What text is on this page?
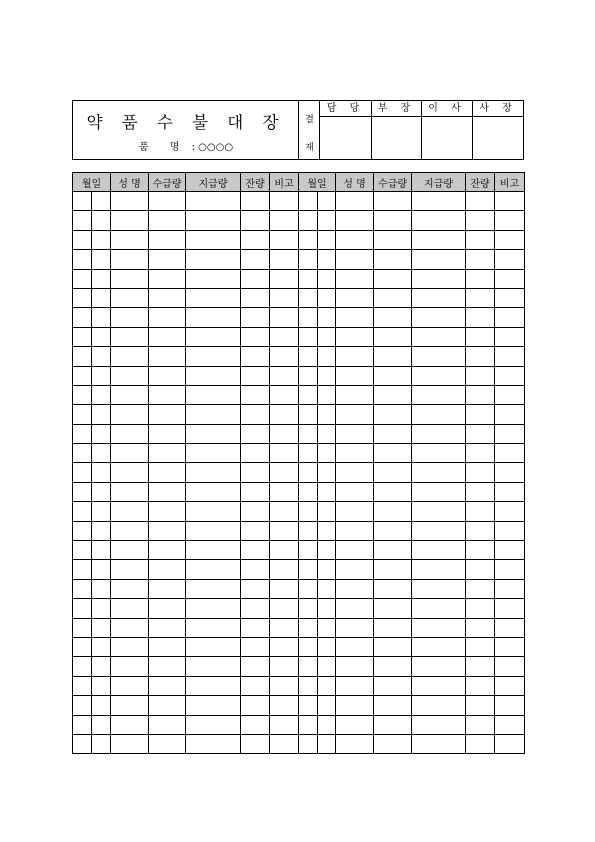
약 품 수 불 대 장
품 명 : ○○○○
결
재
담 당	부 장	이 사	사 장
월일		성 명	수급량	지급량	잔량	비고	월일		성 명	수급량	지급량	잔량	비고
